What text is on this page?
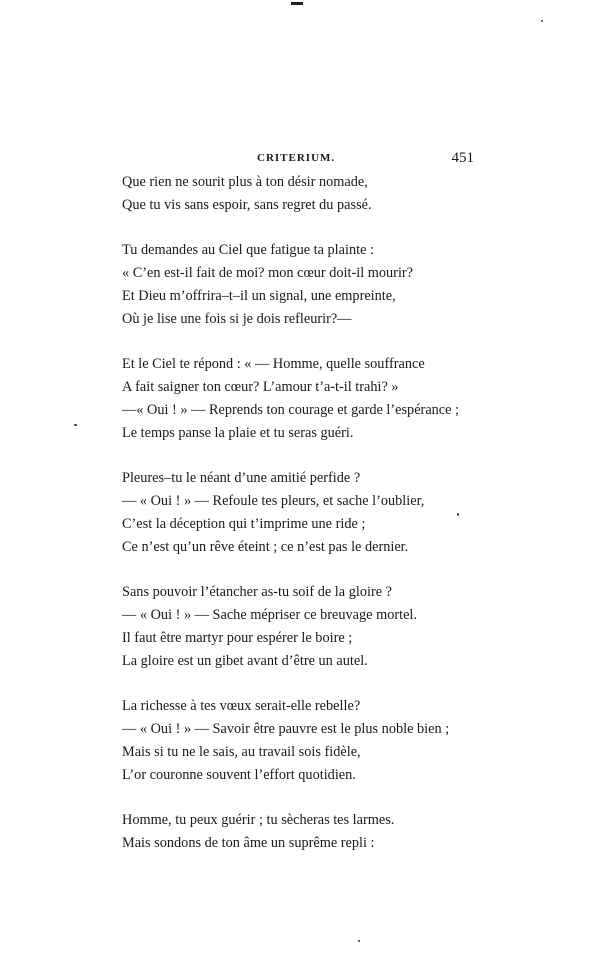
CRITERIUM.	451
Que rien ne sourit plus à ton désir nomade,
Que tu vis sans espoir, sans regret du passé.
Tu demandes au Ciel que fatigue ta plainte :
« C’en est-il fait de moi? mon cœur doit-il mourir?
Et Dieu m’offrira–t–il un signal, une empreinte,
Où je lise une fois si je dois refleurir?—
Et le Ciel te répond : « — Homme, quelle souffrance
A fait saigner ton cœur? L’amour t’a-t-il trahi? »
—« Oui ! » — Reprends ton courage et garde l’espérance ;
Le temps panse la plaie et tu seras guéri.
Pleures–tu le néant d’une amitié perfide ?
— « Oui ! » — Refoule tes pleurs, et sache l’oublier,
C’est la déception qui t’imprime une ride ;
Ce n’est qu’un rêve éteint ; ce n’est pas le dernier.
Sans pouvoir l’étancher as-tu soif de la gloire ?
— « Oui ! » — Sache mépriser ce breuvage mortel.
Il faut être martyr pour espérer le boire ;
La gloire est un gibet avant d’être un autel.
La richesse à tes vœux serait-elle rebelle?
— « Oui ! » — Savoir être pauvre est le plus noble bien ;
Mais si tu ne le sais, au travail sois fidèle,
L’or couronne souvent l’effort quotidien.
Homme, tu peux guérir ; tu sècheras tes larmes.
Mais sondons de ton âme un suprême repli :
